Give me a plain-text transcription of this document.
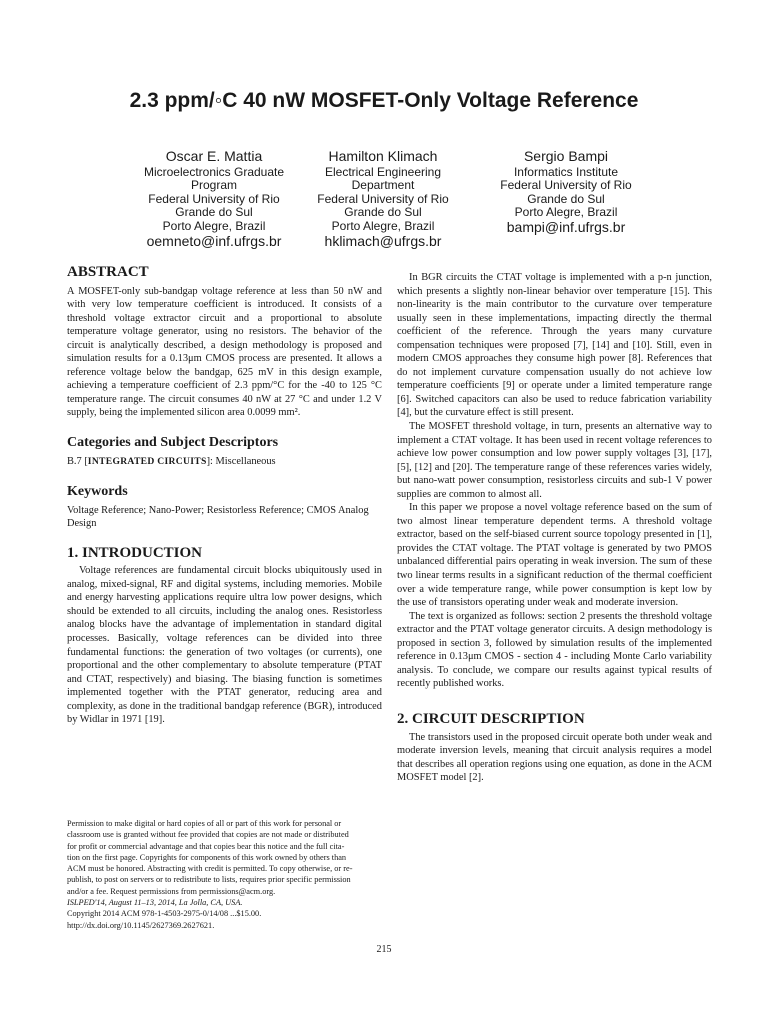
2.3 ppm/◦C 40 nW MOSFET-Only Voltage Reference
Oscar E. Mattia
Microelectronics Graduate
Program
Federal University of Rio
Grande do Sul
Porto Alegre, Brazil
oemneto@inf.ufrgs.br
Hamilton Klimach
Electrical Engineering
Department
Federal University of Rio
Grande do Sul
Porto Alegre, Brazil
hklimach@ufrgs.br
Sergio Bampi
Informatics Institute
Federal University of Rio
Grande do Sul
Porto Alegre, Brazil
bampi@inf.ufrgs.br
ABSTRACT

A MOSFET-only sub-bandgap voltage reference at less than 50 nW and with very low temperature coefficient is introduced. It consists of a threshold voltage extractor circuit and a proportional to absolute temperature voltage generator, using no resistors. The behavior of the circuit is analytically described, a design methodology is proposed and simulation results for a 0.13μm CMOS process are presented. It allows a reference voltage below the bandgap, 625 mV in this design example, achieving a temperature coefficient of 2.3 ppm/°C for the -40 to 125 °C temperature range. The circuit consumes 40 nW at 27 °C and under 1.2 V supply, being the implemented silicon area 0.0099 mm².

Categories and Subject Descriptors

B.7 [INTEGRATED CIRCUITS]: Miscellaneous

Keywords

Voltage Reference; Nano-Power; Resistorless Reference; CMOS Analog Design

1. INTRODUCTION

Voltage references are fundamental circuit blocks ubiquitously used in analog, mixed-signal, RF and digital systems, including memories. Mobile and energy harvesting applications require ultra low power designs, which should be extended to all circuits, including the analog ones. Resistorless analog blocks have the advantage of implementation in standard digital processes. Basically, voltage references can be divided into three fundamental functions: the generation of two voltages (or currents), one proportional and the other complementary to absolute temperature (PTAT and CTAT, respectively) and biasing. The biasing function is sometimes implemented together with the PTAT generator, reducing area and complexity, as done in the traditional bandgap reference (BGR), introduced by Widlar in 1971 [19].

Permission to make digital or hard copies of all or part of this work for personal or
classroom use is granted without fee provided that copies are not made or distributed
for profit or commercial advantage and that copies bear this notice and the full cita-
tion on the first page. Copyrights for components of this work owned by others than
ACM must be honored. Abstracting with credit is permitted. To copy otherwise, or re-
publish, to post on servers or to redistribute to lists, requires prior specific permission
and/or a fee. Request permissions from permissions@acm.org.
ISLPED'14, August 11–13, 2014, La Jolla, CA, USA.
Copyright 2014 ACM 978-1-4503-2975-0/14/08 ...$15.00.
http://dx.doi.org/10.1145/2627369.2627621.

In BGR circuits the CTAT voltage is implemented with a p-n junction, which presents a slightly non-linear behavior over temperature [15]. This non-linearity is the main contributor to the curvature over temperature usually seen in these implementations, impacting directly the thermal coefficient of the reference. Through the years many curvature compensation techniques were proposed [7], [14] and [10]. Still, even in modern CMOS approaches they consume high power [8]. References that do not implement curvature compensation usually do not achieve low temperature coefficients [9] or operate under a limited temperature range [6]. Switched capacitors can also be used to reduce fabrication variability [4], but the curvature effect is still present.

The MOSFET threshold voltage, in turn, presents an alternative way to implement a CTAT voltage. It has been used in recent voltage references to achieve low power consumption and low power supply voltages [3], [17], [5], [12] and [20]. The temperature range of these references varies widely, but nano-watt power consumption, resistorless circuits and sub-1 V power supplies are common to almost all.

In this paper we propose a novel voltage reference based on the sum of two almost linear temperature dependent terms. A threshold voltage extractor, based on the self-biased current source topology presented in [1], provides the CTAT voltage. The PTAT voltage is generated by two PMOS unbalanced differential pairs operating in weak inversion. The sum of these two linear terms results in a significant reduction of the thermal coefficient over a wide temperature range, while power consumption is kept low by the use of transistors operating under weak and moderate inversion.

The text is organized as follows: section 2 presents the threshold voltage extractor and the PTAT voltage generator circuits. A design methodology is proposed in section 3, followed by simulation results of the implemented reference in 0.13μm CMOS - section 4 - including Monte Carlo variability analysis. To conclude, we compare our results against typical results of recently published works.

2. CIRCUIT DESCRIPTION

The transistors used in the proposed circuit operate both under weak and moderate inversion levels, meaning that circuit analysis requires a model that describes all operation regions using one equation, as done in the ACM MOSFET model [2].

215
